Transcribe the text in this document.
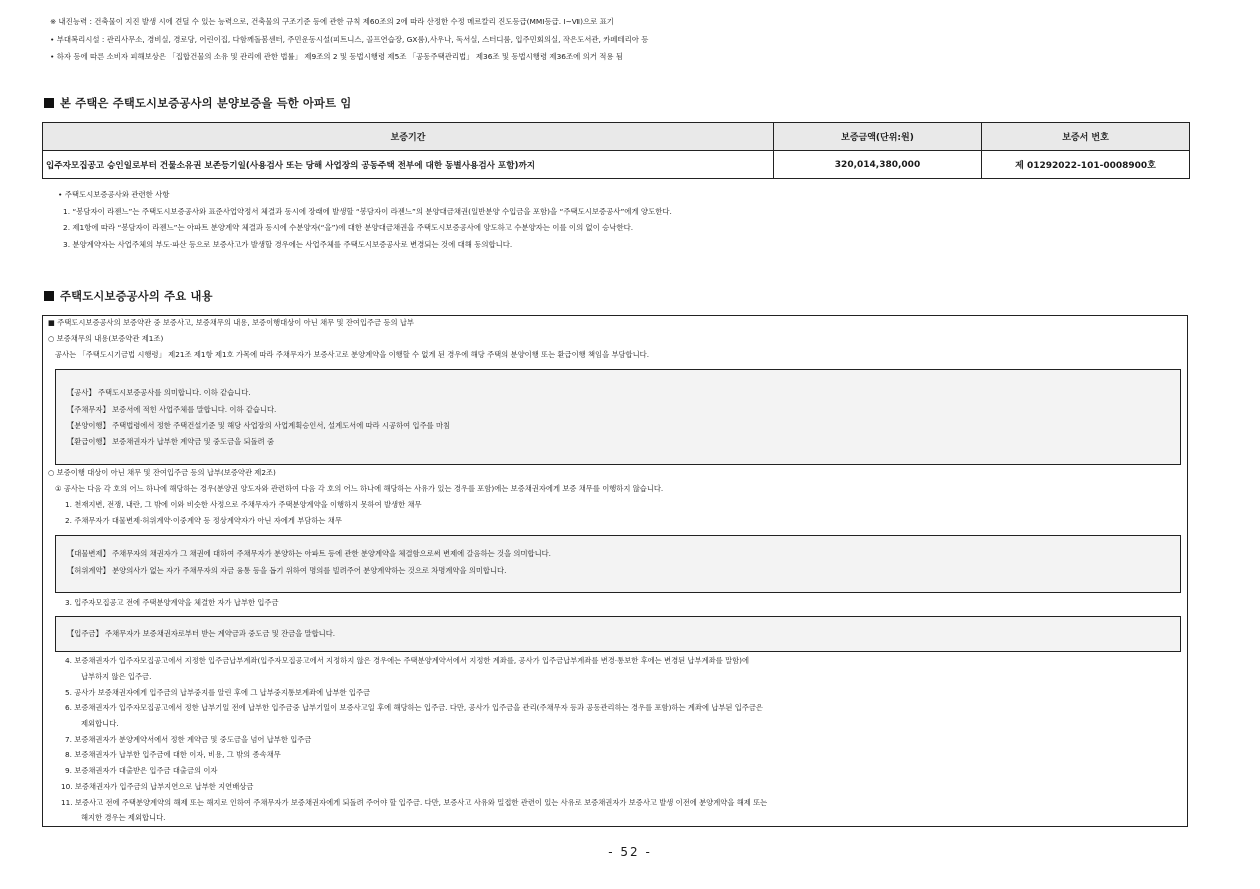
※ 내진능력 : 건축물이 지진 발생 시에 견딜 수 있는 능력으로, 건축물의 구조기준 등에 관한 규칙 제60조의 2에 따라 산정한 수정 메르칼리 진도등급(MMI등급. Ⅰ~Ⅶ)으로 표기
• 부대복리시설 : 관리사무소, 경비실, 경로당, 어린이집, 다함께돌봄센터, 주민운동시설(피트니스, 골프연습장, GX룸),사우나, 독서실, 스터디룸, 입주민회의실, 작은도서관, 카페테리아 등
• 하자 등에 따른 소비자 피해보상은 「집합건물의 소유 및 관리에 관한 법률」 제9조의 2 및 동법시행령 제5조 「공동주택관리법」 제36조 및 동법시행령 제36조에 의거 적용 됨
본 주택은 주택도시보증공사의 분양보증을 득한 아파트 임
보증기간	보증금액(단위:원)	보증서 번호
입주자모집공고 승인일로부터 건물소유권 보존등기일(사용검사 또는 당해 사업장의 공동주택 전부에 대한 동별사용검사 포함)까지	320,014,380,000	제 01292022-101-0008900호
• 주택도시보증공사와 관련한 사항
1. “봉담자이 라젠느”는 주택도시보증공사와 표준사업약정서 체결과 동시에 장래에 발생할 “봉담자이 라젠느”의 분양대금채권(일반분양 수입금을 포함)을 “주택도시보증공사”에게 양도한다.
2. 제1항에 따라 “봉담자이 라젠느”는 아파트 분양계약 체결과 동시에 수분양자(“을”)에 대한 분양대금채권을 주택도시보증공사에 양도하고 수분양자는 이를 이의 없이 승낙한다.
3. 분양계약자는 사업주체의 부도·파산 등으로 보증사고가 발생할 경우에는 사업주체를 주택도시보증공사로 변경되는 것에 대해 동의합니다.
주택도시보증공사의 주요 내용
■ 주택도시보증공사의 보증약관 중 보증사고, 보증채무의 내용, 보증이행대상이 아닌 채무 및 잔여입주금 등의 납부
○ 보증채무의 내용(보증약관 제1조)
공사는 「주택도시기금법 시행령」 제21조 제1항 제1호 가목에 따라 주채무자가 보증사고로 분양계약을 이행할 수 없게 된 경우에 해당 주택의 분양이행 또는 환급이행 책임을 부담합니다.
【공사】 주택도시보증공사를 의미합니다. 이하 같습니다.
【주채무자】 보증서에 적힌 사업주체를 말합니다. 이하 같습니다.
【분양이행】 주택법령에서 정한 주택건설기준 및 해당 사업장의 사업계획승인서, 설계도서에 따라 시공하여 입주를 마침
【환급이행】 보증채권자가 납부한 계약금 및 중도금을 되돌려 줌
○ 보증이행 대상이 아닌 채무 및 잔여입주금 등의 납부(보증약관 제2조)
① 공사는 다음 각 호의 어느 하나에 해당하는 경우(분양권 양도자와 관련하여 다음 각 호의 어느 하나에 해당하는 사유가 있는 경우를 포함)에는 보증채권자에게 보증 채무를 이행하지 않습니다.
1. 천재지변, 전쟁, 내란, 그 밖에 이와 비슷한 사정으로 주채무자가 주택분양계약을 이행하지 못하여 발생한 채무
2. 주채무자가 대물변제·허위계약·이중계약 등 정상계약자가 아닌 자에게 부담하는 채무
【대물변제】 주채무자의 채권자가 그 채권에 대하여 주채무자가 분양하는 아파트 등에 관한 분양계약을 체결함으로써 변제에 갈음하는 것을 의미합니다.
【허위계약】 분양의사가 없는 자가 주채무자의 자금 융통 등을 돕기 위하여 명의를 빌려주어 분양계약하는 것으로 차명계약을 의미합니다.
3. 입주자모집공고 전에 주택분양계약을 체결한 자가 납부한 입주금
【입주금】 주채무자가 보증채권자로부터 받는 계약금과 중도금 및 잔금을 말합니다.
4. 보증채권자가 입주자모집공고에서 지정한 입주금납부계좌(입주자모집공고에서 지정하지 않은 경우에는 주택분양계약서에서 지정한 계좌를, 공사가 입주금납부계좌를 변경·통보한 후에는 변경된 납부계좌를 말함)에
납부하지 않은 입주금.
5. 공사가 보증채권자에게 입주금의 납부중지를 알린 후에 그 납부중지통보계좌에 납부한 입주금
6. 보증채권자가 입주자모집공고에서 정한 납부기일 전에 납부한 입주금중 납부기일이 보증사고일 후에 해당하는 입주금. 다만, 공사가 입주금을 관리(주채무자 등과 공동관리하는 경우를 포함)하는 계좌에 납부된 입주금은
제외합니다.
7. 보증채권자가 분양계약서에서 정한 계약금 및 중도금을 넘어 납부한 입주금
8. 보증채권자가 납부한 입주금에 대한 이자, 비용, 그 밖의 종속채무
9. 보증채권자가 대출받은 입주금 대출금의 이자
10. 보증채권자가 입주금의 납부지연으로 납부한 지연배상금
11. 보증사고 전에 주택분양계약의 해제 또는 해지로 인하여 주채무자가 보증채권자에게 되돌려 주어야 할 입주금. 다만, 보증사고 사유와 밀접한 관련이 있는 사유로 보증채권자가 보증사고 발생 이전에 분양계약을 해제 또는
해지한 경우는 제외합니다.
- 52 -
